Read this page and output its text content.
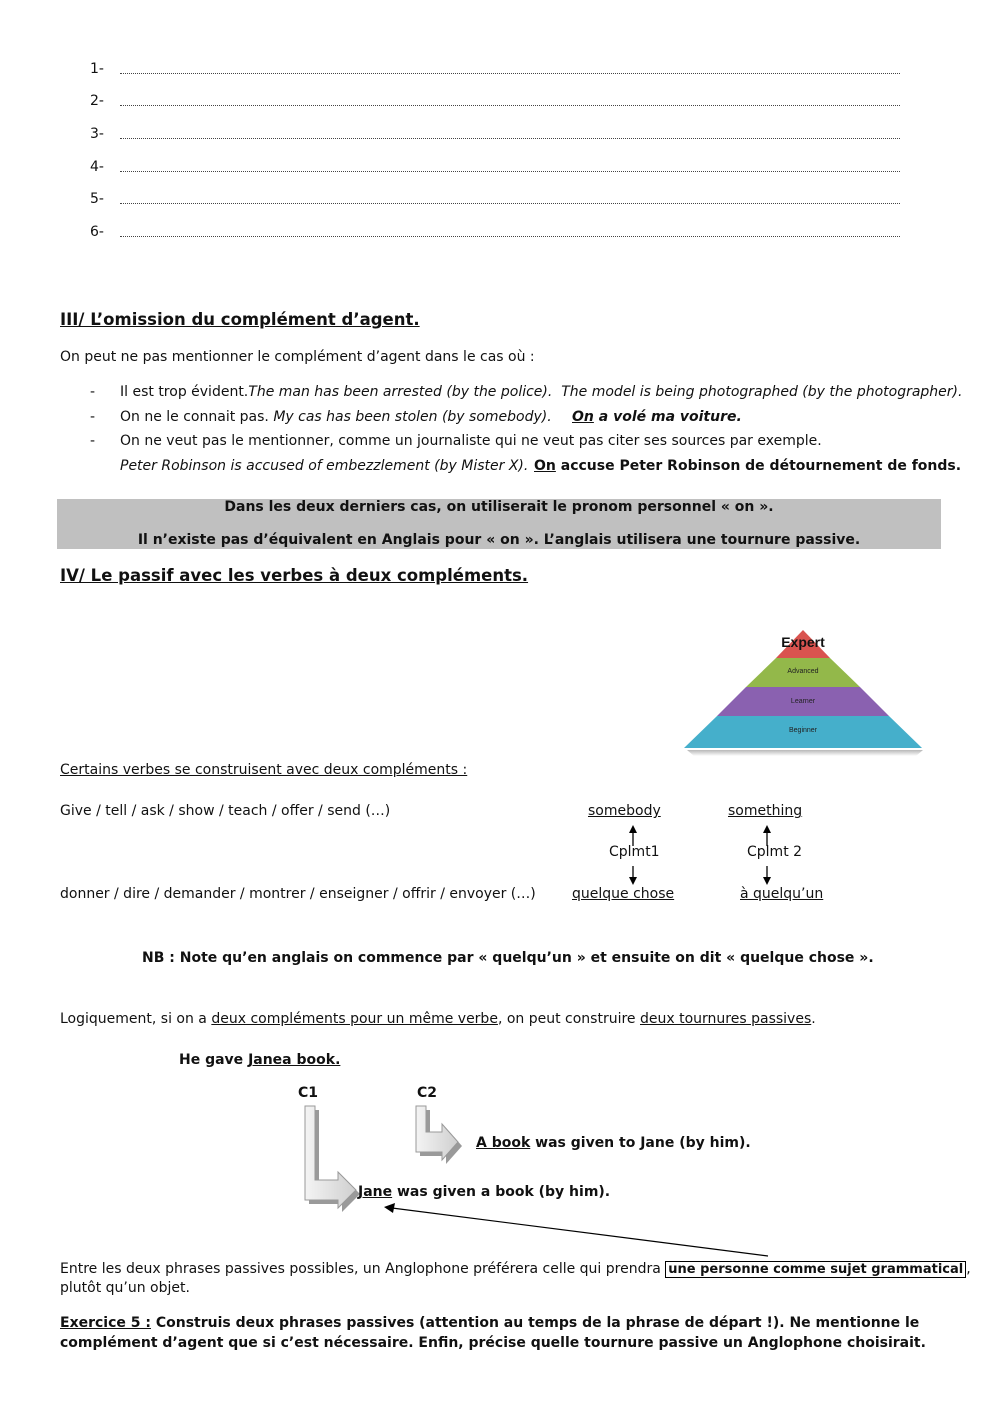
1-
2-
3-
4-
5-
6-
III/ L’omission du complément d’agent.
On peut ne pas mentionner le complément d’agent dans le cas où :
- Il est trop évident.The man has been arrested (by the police). The model is being photographed (by the photographer).
- On ne le connait pas. My cas has been stolen (by somebody). On a volé ma voiture.
- On ne veut pas le mentionner, comme un journaliste qui ne veut pas citer ses sources par exemple.
Peter Robinson is accused of embezzlement (by Mister X). On accuse Peter Robinson de détournement de fonds.
Dans les deux derniers cas, on utiliserait le pronom personnel « on ».
Il n’existe pas d’équivalent en Anglais pour « on ». L’anglais utilisera une tournure passive.
IV/ Le passif avec les verbes à deux compléments.
Expert
Advanced
Learner
Beginner
Certains verbes se construisent avec deux compléments :
Give / tell / ask / show / teach / offer / send (…)	somebody	something
Cplmt1	Cplmt 2
donner / dire / demander / montrer / enseigner / offrir / envoyer (…)	quelque chose	à quelqu’un
NB : Note qu’en anglais on commence par « quelqu’un » et ensuite on dit « quelque chose ».
Logiquement, si on a deux compléments pour un même verbe, on peut construire deux tournures passives.
He gave Janea book.
C1	C2
A book was given to Jane (by him).
Jane was given a book (by him).
Entre les deux phrases passives possibles, un Anglophone préférera celle qui prendra une personne comme sujet grammatical ,
plutôt qu’un objet.
Exercice 5 : Construis deux phrases passives (attention au temps de la phrase de départ !). Ne mentionne le
complément d’agent que si c’est nécessaire. Enfin, précise quelle tournure passive un Anglophone choisirait.
